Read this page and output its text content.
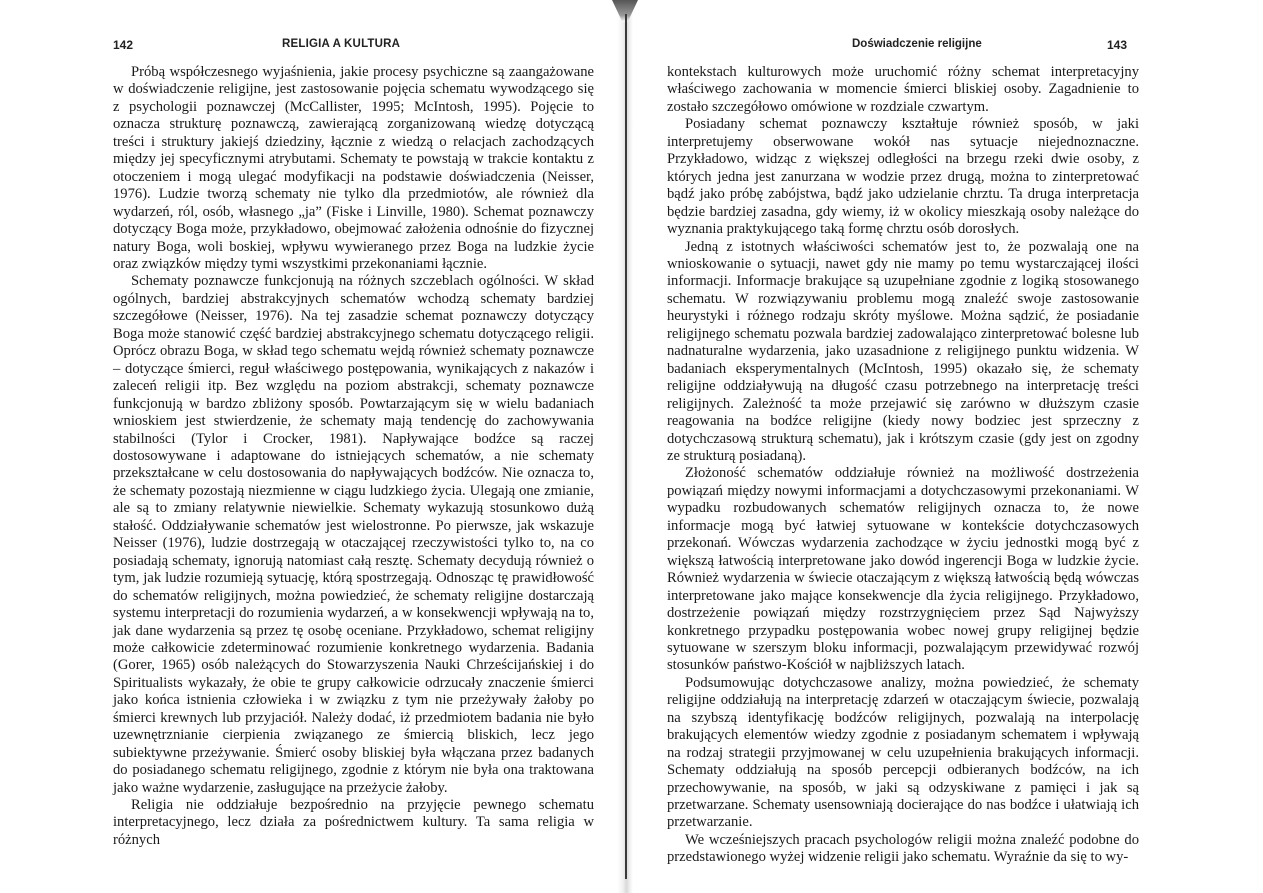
142	RELIGIA A KULTURA

Próbą współczesnego wyjaśnienia, jakie procesy psychiczne są zaangażowane w doświadczenie religijne, jest zastosowanie pojęcia schematu wywodzącego się z psychologii poznawczej (McCallister, 1995; McIntosh, 1995). Pojęcie to oznacza strukturę poznawczą, zawierającą zorganizowaną wiedzę dotyczącą treści i struktury jakiejś dziedziny, łącznie z wiedzą o relacjach zachodzących między jej specyficznymi atrybutami. Schematy te powstają w trakcie kontaktu z otoczeniem i mogą ulegać modyfikacji na podstawie doświadczenia (Neisser, 1976). Ludzie tworzą schematy nie tylko dla przedmiotów, ale również dla wydarzeń, ról, osób, własnego „ja” (Fiske i Linville, 1980). Schemat poznawczy dotyczący Boga może, przykładowo, obejmować założenia odnośnie do fizycznej natury Boga, woli boskiej, wpływu wywieranego przez Boga na ludzkie życie oraz związków między tymi wszystkimi przekonaniami łącznie.

Schematy poznawcze funkcjonują na różnych szczeblach ogólności. W skład ogólnych, bardziej abstrakcyjnych schematów wchodzą schematy bardziej szczegółowe (Neisser, 1976). Na tej zasadzie schemat poznawczy dotyczący Boga może stanowić część bardziej abstrakcyjnego schematu dotyczącego religii. Oprócz obrazu Boga, w skład tego schematu wejdą również schematy poznawcze – dotyczące śmierci, reguł właściwego postępowania, wynikających z nakazów i zaleceń religii itp. Bez względu na poziom abstrakcji, schematy poznawcze funkcjonują w bardzo zbliżony sposób. Powtarzającym się w wielu badaniach wnioskiem jest stwierdzenie, że schematy mają tendencję do zachowywania stabilności (Tylor i Crocker, 1981). Napływające bodźce są raczej dostosowywane i adaptowane do istniejących schematów, a nie schematy przekształcane w celu dostosowania do napływających bodźców. Nie oznacza to, że schematy pozostają niezmienne w ciągu ludzkiego życia. Ulegają one zmianie, ale są to zmiany relatywnie niewielkie. Schematy wykazują stosunkowo dużą stałość. Oddziaływanie schematów jest wielostronne. Po pierwsze, jak wskazuje Neisser (1976), ludzie dostrzegają w otaczającej rzeczywistości tylko to, na co posiadają schematy, ignorują natomiast całą resztę. Schematy decydują również o tym, jak ludzie rozumieją sytuację, którą spostrzegają. Odnosząc tę prawidłowość do schematów religijnych, można powiedzieć, że schematy religijne dostarczają systemu interpretacji do rozumienia wydarzeń, a w konsekwencji wpływają na to, jak dane wydarzenia są przez tę osobę oceniane. Przykładowo, schemat religijny może całkowicie zdeterminować rozumienie konkretnego wydarzenia. Badania (Gorer, 1965) osób należących do Stowarzyszenia Nauki Chrześcijańskiej i do Spiritualists wykazały, że obie te grupy całkowicie odrzucały znaczenie śmierci jako końca istnienia człowieka i w związku z tym nie przeżywały żałoby po śmierci krewnych lub przyjaciół. Należy dodać, iż przedmiotem badania nie było uzewnętrznianie cierpienia związanego ze śmiercią bliskich, lecz jego subiektywne przeżywanie. Śmierć osoby bliskiej była włączana przez badanych do posiadanego schematu religijnego, zgodnie z którym nie była ona traktowana jako ważne wydarzenie, zasługujące na przeżycie żałoby.

Religia nie oddziałuje bezpośrednio na przyjęcie pewnego schematu interpretacyjnego, lecz działa za pośrednictwem kultury. Ta sama religia w różnych

Doświadczenie religijne	143

kontekstach kulturowych może uruchomić różny schemat interpretacyjny właściwego zachowania w momencie śmierci bliskiej osoby. Zagadnienie to zostało szczegółowo omówione w rozdziale czwartym.

Posiadany schemat poznawczy kształtuje również sposób, w jaki interpretujemy obserwowane wokół nas sytuacje niejednoznaczne. Przykładowo, widząc z większej odległości na brzegu rzeki dwie osoby, z których jedna jest zanurzana w wodzie przez drugą, można to zinterpretować bądź jako próbę zabójstwa, bądź jako udzielanie chrztu. Ta druga interpretacja będzie bardziej zasadna, gdy wiemy, iż w okolicy mieszkają osoby należące do wyznania praktykującego taką formę chrztu osób dorosłych.

Jedną z istotnych właściwości schematów jest to, że pozwalają one na wnioskowanie o sytuacji, nawet gdy nie mamy po temu wystarczającej ilości informacji. Informacje brakujące są uzupełniane zgodnie z logiką stosowanego schematu. W rozwiązywaniu problemu mogą znaleźć swoje zastosowanie heurystyki i różnego rodzaju skróty myślowe. Można sądzić, że posiadanie religijnego schematu pozwala bardziej zadowalająco zinterpretować bolesne lub nadnaturalne wydarzenia, jako uzasadnione z religijnego punktu widzenia. W badaniach eksperymentalnych (McIntosh, 1995) okazało się, że schematy religijne oddziaływują na długość czasu potrzebnego na interpretację treści religijnych. Zależność ta może przejawić się zarówno w dłuższym czasie reagowania na bodźce religijne (kiedy nowy bodziec jest sprzeczny z dotychczasową strukturą schematu), jak i krótszym czasie (gdy jest on zgodny ze strukturą posiadaną).

Złożoność schematów oddziałuje również na możliwość dostrzeżenia powiązań między nowymi informacjami a dotychczasowymi przekonaniami. W wypadku rozbudowanych schematów religijnych oznacza to, że nowe informacje mogą być łatwiej sytuowane w kontekście dotychczasowych przekonań. Wówczas wydarzenia zachodzące w życiu jednostki mogą być z większą łatwością interpretowane jako dowód ingerencji Boga w ludzkie życie. Również wydarzenia w świecie otaczającym z większą łatwością będą wówczas interpretowane jako mające konsekwencje dla życia religijnego. Przykładowo, dostrzeżenie powiązań między rozstrzygnięciem przez Sąd Najwyższy konkretnego przypadku postępowania wobec nowej grupy religijnej będzie sytuowane w szerszym bloku informacji, pozwalającym przewidywać rozwój stosunków państwo-Kościół w najbliższych latach.

Podsumowując dotychczasowe analizy, można powiedzieć, że schematy religijne oddziałują na interpretację zdarzeń w otaczającym świecie, pozwalają na szybszą identyfikację bodźców religijnych, pozwalają na interpolację brakujących elementów wiedzy zgodnie z posiadanym schematem i wpływają na rodzaj strategii przyjmowanej w celu uzupełnienia brakujących informacji. Schematy oddziałują na sposób percepcji odbieranych bodźców, na ich przechowywanie, na sposób, w jaki są odzyskiwane z pamięci i jak są przetwarzane. Schematy usensowniają docierające do nas bodźce i ułatwiają ich przetwarzanie.

We wcześniejszych pracach psychologów religii można znaleźć podobne do przedstawionego wyżej widzenie religii jako schematu. Wyraźnie da się to wy-
